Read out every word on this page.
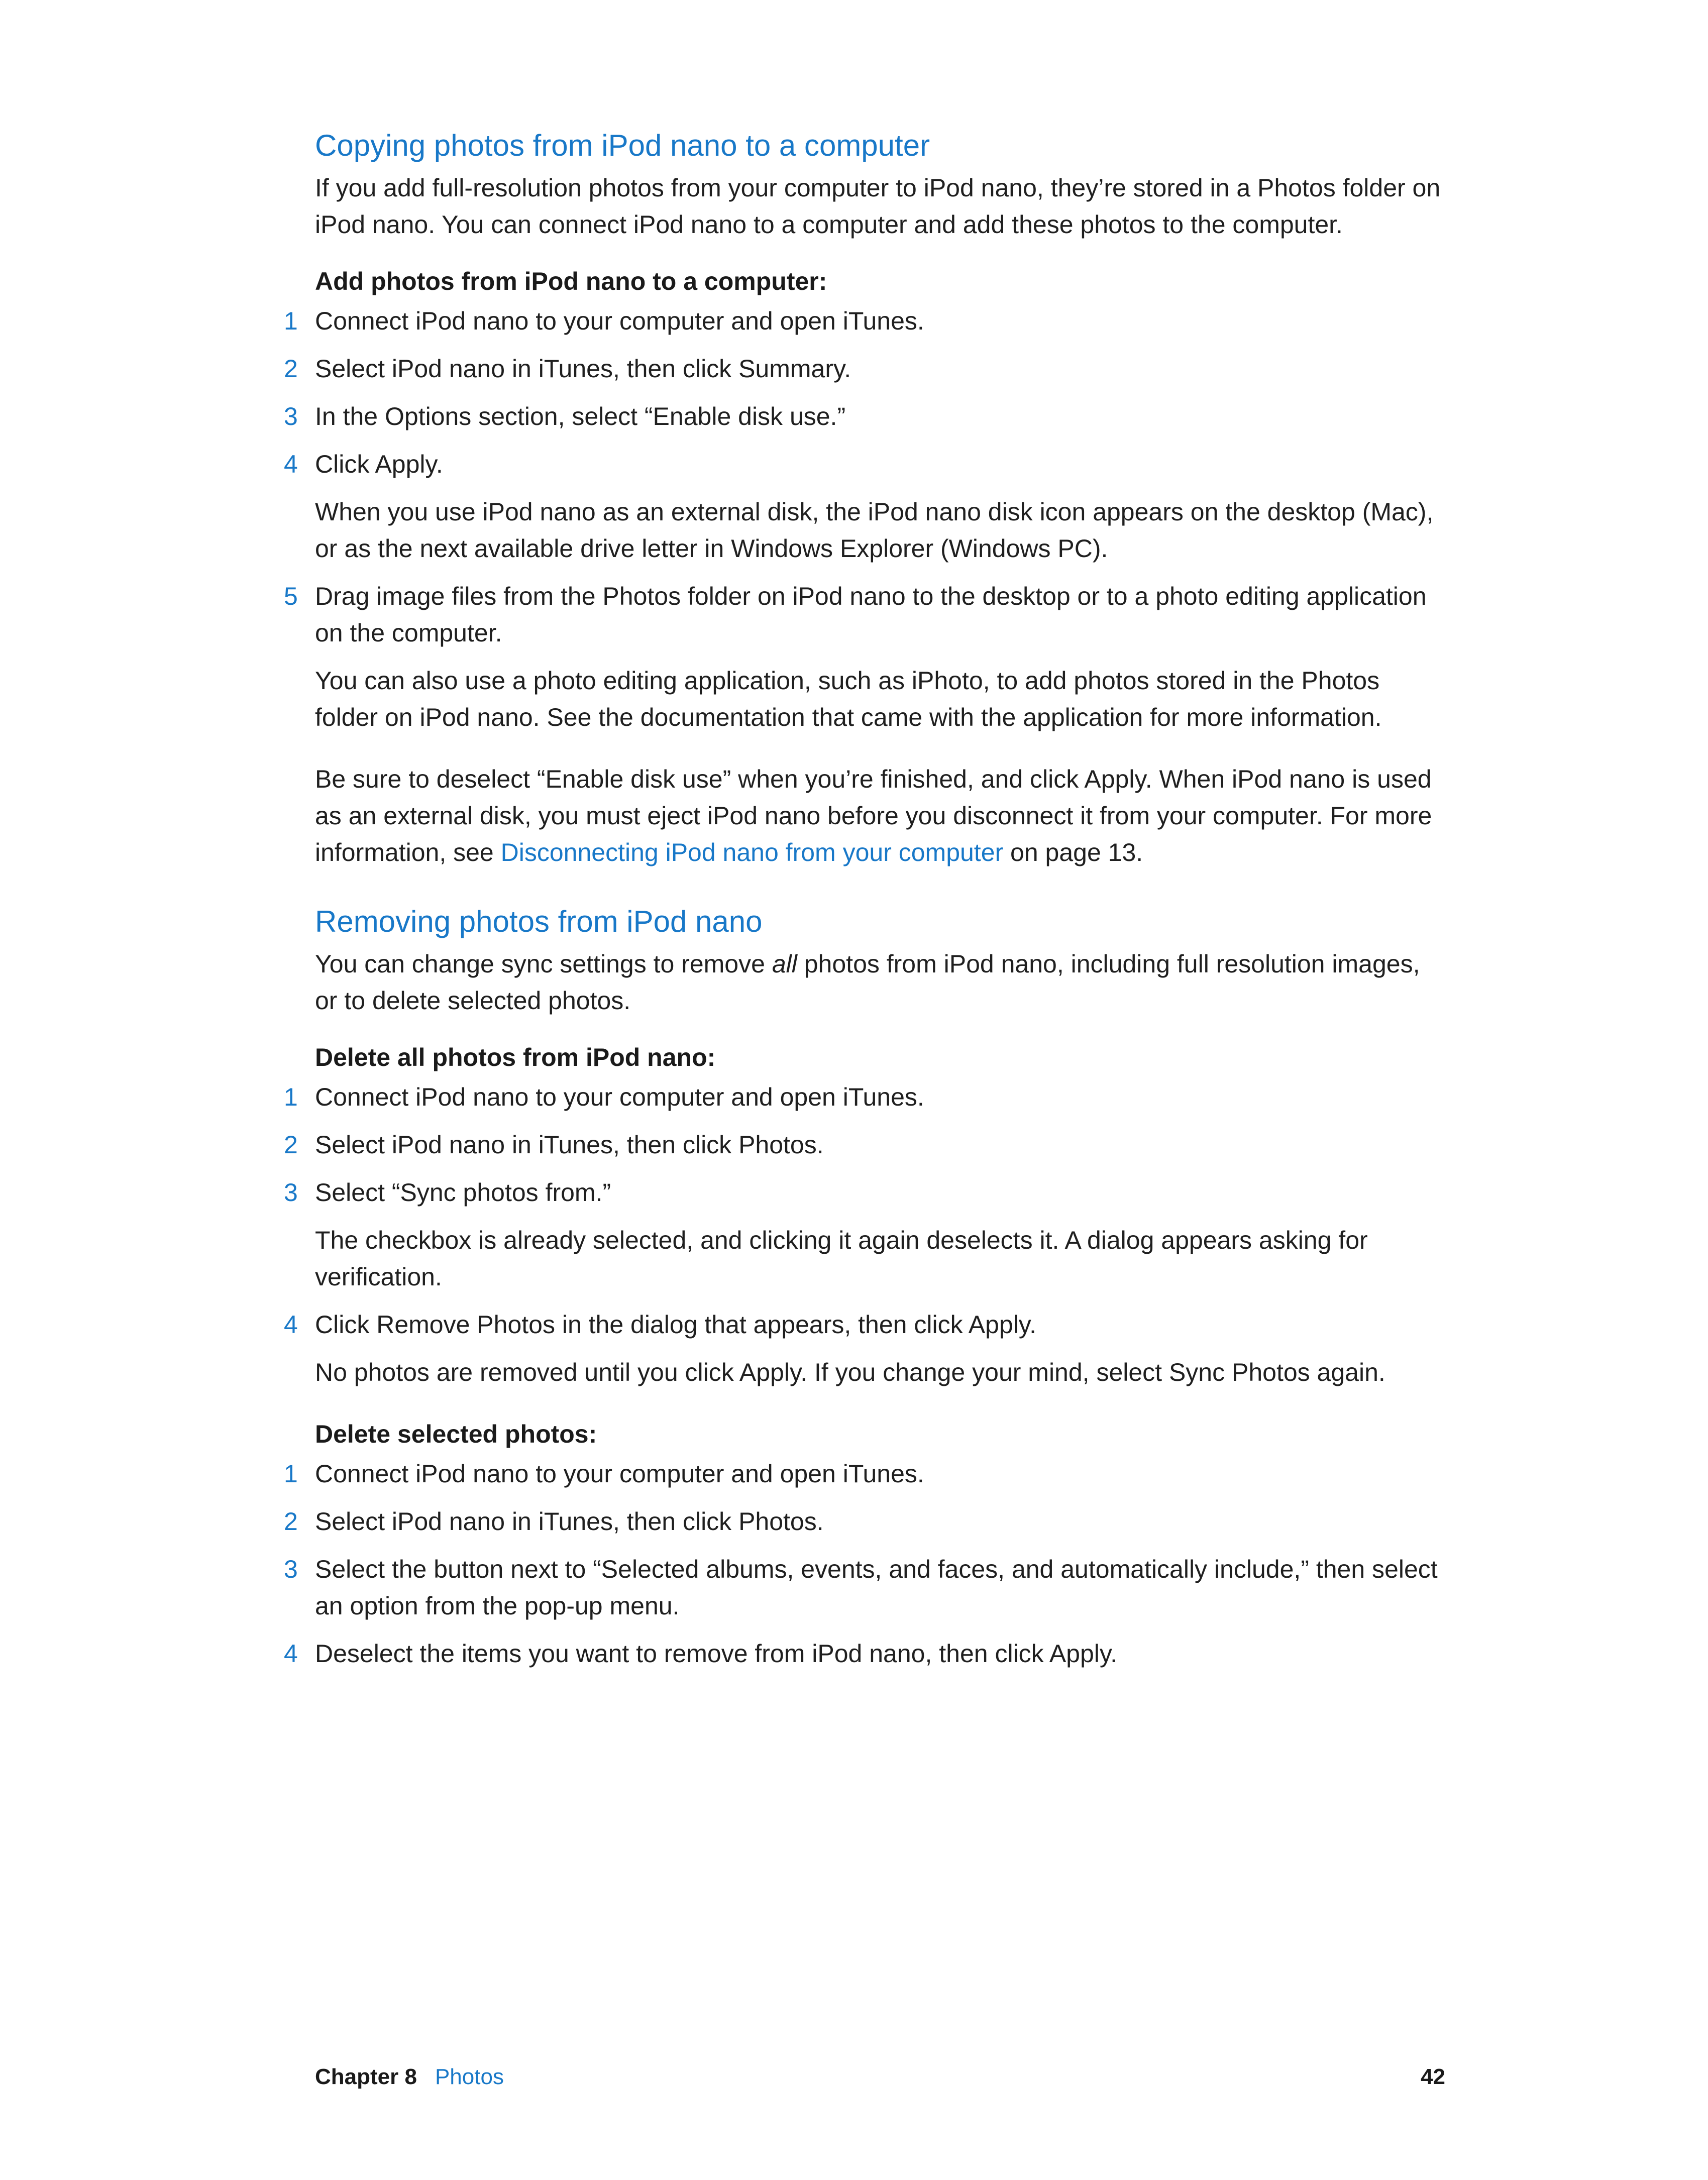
Copying photos from iPod nano to a computer

If you add full-resolution photos from your computer to iPod nano, they’re stored in a Photos folder on iPod nano. You can connect iPod nano to a computer and add these photos to the computer.

Add photos from iPod nano to a computer:
1 Connect iPod nano to your computer and open iTunes.
2 Select iPod nano in iTunes, then click Summary.
3 In the Options section, select “Enable disk use.”
4 Click Apply.
When you use iPod nano as an external disk, the iPod nano disk icon appears on the desktop (Mac), or as the next available drive letter in Windows Explorer (Windows PC).
5 Drag image files from the Photos folder on iPod nano to the desktop or to a photo editing application on the computer.
You can also use a photo editing application, such as iPhoto, to add photos stored in the Photos folder on iPod nano. See the documentation that came with the application for more information.
Be sure to deselect “Enable disk use” when you’re finished, and click Apply. When iPod nano is used as an external disk, you must eject iPod nano before you disconnect it from your computer. For more information, see Disconnecting iPod nano from your computer on page 13.
Removing photos from iPod nano

You can change sync settings to remove all photos from iPod nano, including full resolution images, or to delete selected photos.

Delete all photos from iPod nano:
1 Connect iPod nano to your computer and open iTunes.
2 Select iPod nano in iTunes, then click Photos.
3 Select “Sync photos from.”
The checkbox is already selected, and clicking it again deselects it. A dialog appears asking for verification.
4 Click Remove Photos in the dialog that appears, then click Apply.
No photos are removed until you click Apply. If you change your mind, select Sync Photos again.
Delete selected photos:
1 Connect iPod nano to your computer and open iTunes.
2 Select iPod nano in iTunes, then click Photos.
3 Select the button next to “Selected albums, events, and faces, and automatically include,” then select an option from the pop-up menu.
4 Deselect the items you want to remove from iPod nano, then click Apply.
Chapter 8 Photos	42
